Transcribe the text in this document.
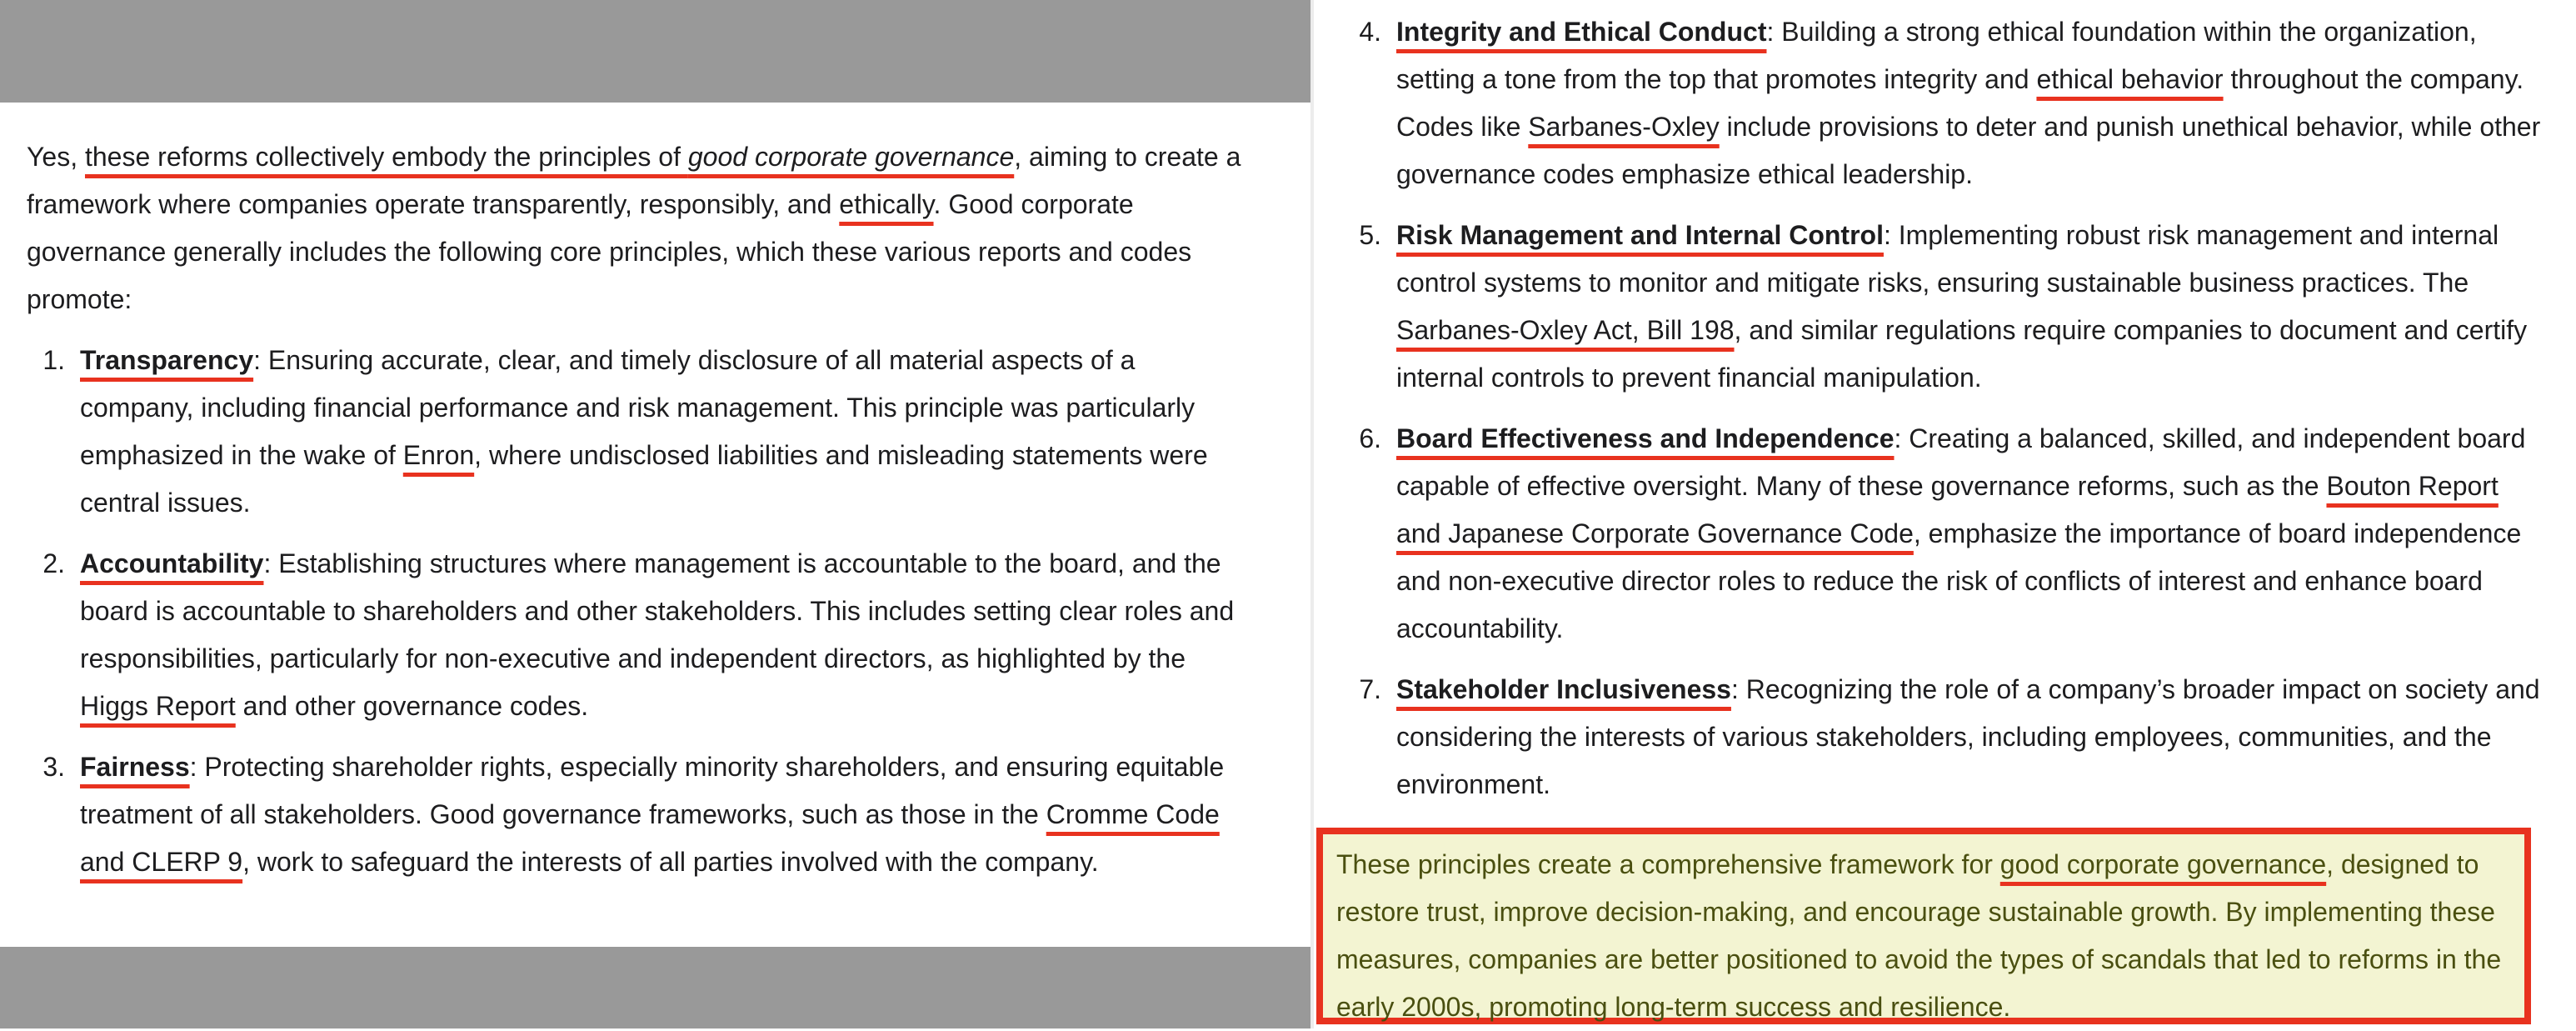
Yes, these reforms collectively embody the principles of good corporate governance, aiming to create a framework where companies operate transparently, responsibly, and ethically. Good corporate governance generally includes the following core principles, which these various reports and codes promote:

1. Transparency: Ensuring accurate, clear, and timely disclosure of all material aspects of a company, including financial performance and risk management. This principle was particularly emphasized in the wake of Enron, where undisclosed liabilities and misleading statements were central issues.

2. Accountability: Establishing structures where management is accountable to the board, and the board is accountable to shareholders and other stakeholders. This includes setting clear roles and responsibilities, particularly for non-executive and independent directors, as highlighted by the Higgs Report and other governance codes.

3. Fairness: Protecting shareholder rights, especially minority shareholders, and ensuring equitable treatment of all stakeholders. Good governance frameworks, such as those in the Cromme Code and CLERP 9, work to safeguard the interests of all parties involved with the company.

4. Integrity and Ethical Conduct: Building a strong ethical foundation within the organization, setting a tone from the top that promotes integrity and ethical behavior throughout the company. Codes like Sarbanes-Oxley include provisions to deter and punish unethical behavior, while other governance codes emphasize ethical leadership.

5. Risk Management and Internal Control: Implementing robust risk management and internal control systems to monitor and mitigate risks, ensuring sustainable business practices. The Sarbanes-Oxley Act, Bill 198, and similar regulations require companies to document and certify internal controls to prevent financial manipulation.

6. Board Effectiveness and Independence: Creating a balanced, skilled, and independent board capable of effective oversight. Many of these governance reforms, such as the Bouton Report and Japanese Corporate Governance Code, emphasize the importance of board independence and non-executive director roles to reduce the risk of conflicts of interest and enhance board accountability.

7. Stakeholder Inclusiveness: Recognizing the role of a company’s broader impact on society and considering the interests of various stakeholders, including employees, communities, and the environment.

These principles create a comprehensive framework for good corporate governance, designed to restore trust, improve decision-making, and encourage sustainable growth. By implementing these measures, companies are better positioned to avoid the types of scandals that led to reforms in the early 2000s, promoting long-term success and resilience.
